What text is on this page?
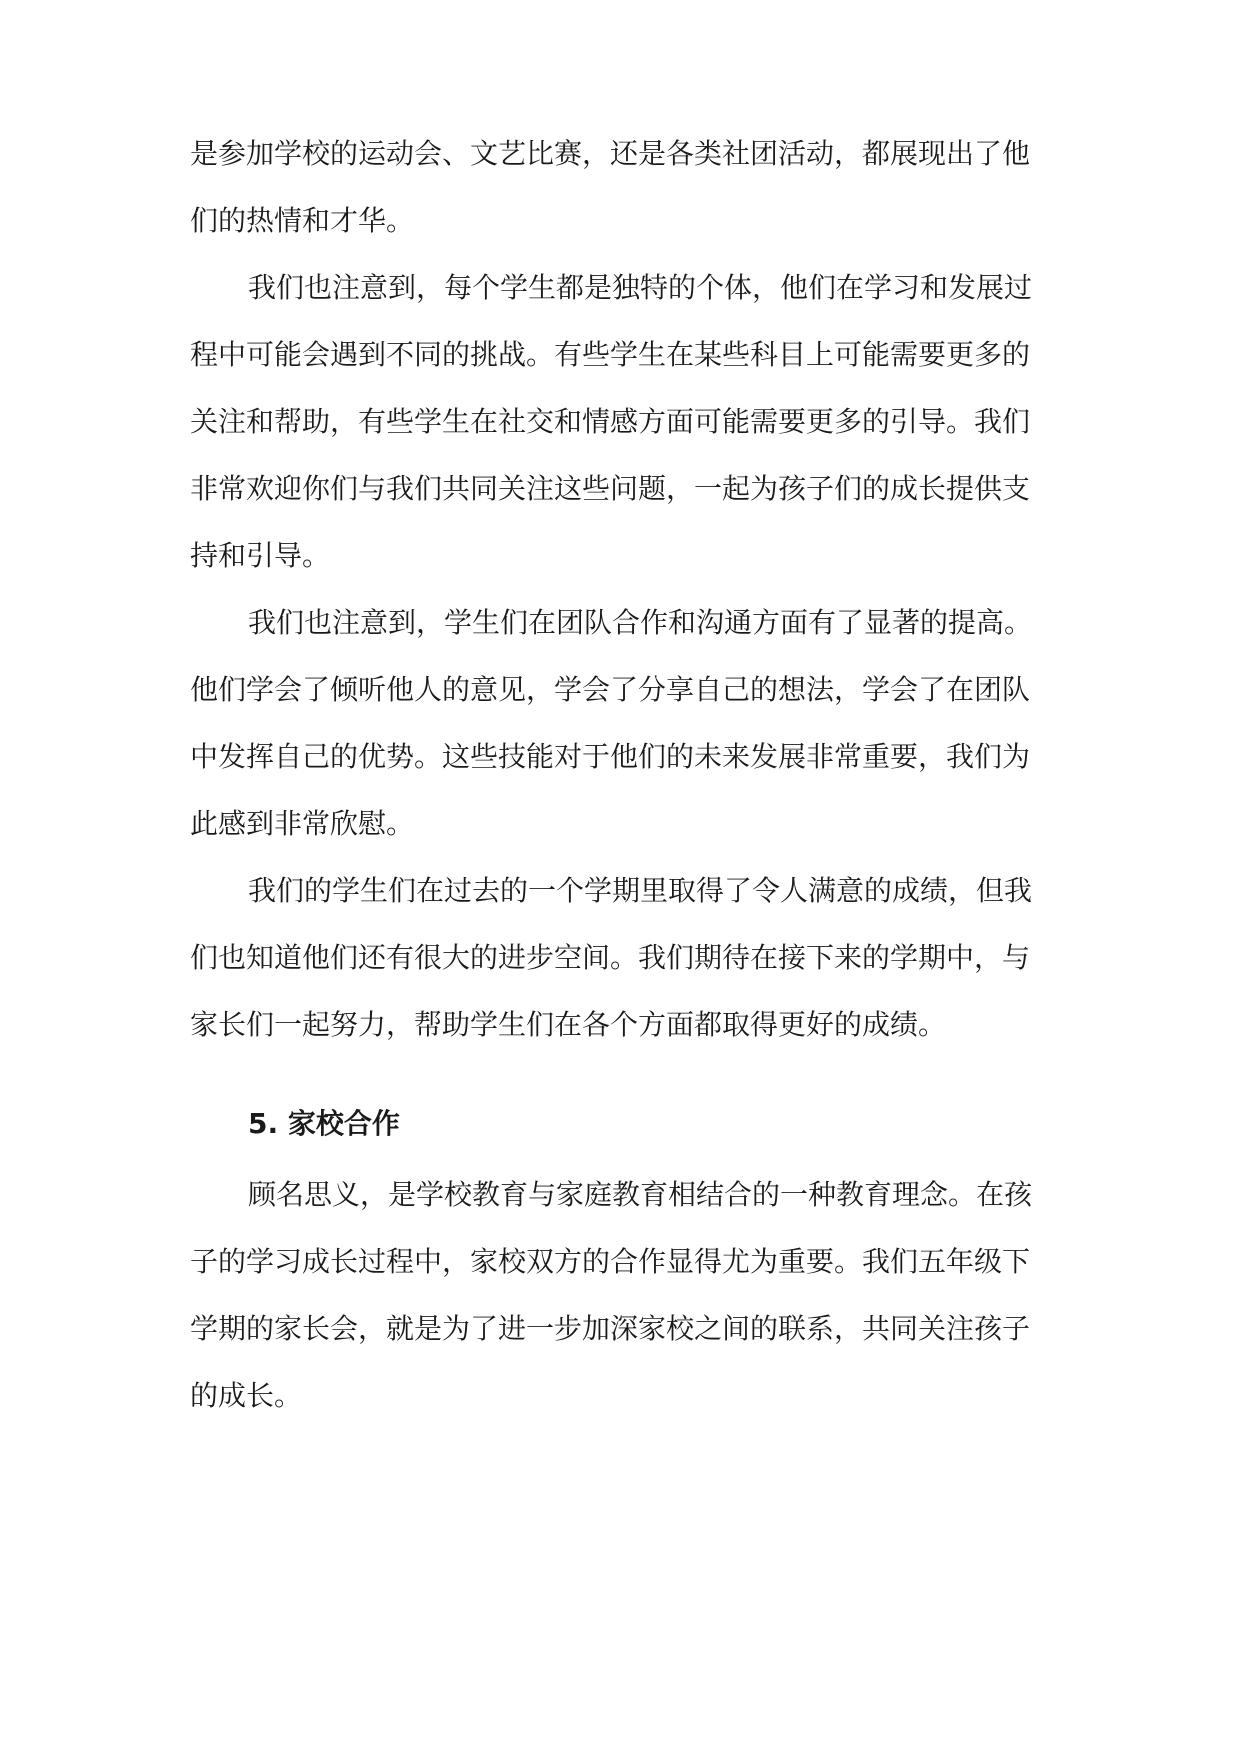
是参加学校的运动会、文艺比赛，还是各类社团活动，都展现出了他
们的热情和才华。
我们也注意到，每个学生都是独特的个体，他们在学习和发展过
程中可能会遇到不同的挑战。有些学生在某些科目上可能需要更多的
关注和帮助，有些学生在社交和情感方面可能需要更多的引导。我们
非常欢迎你们与我们共同关注这些问题，一起为孩子们的成长提供支
持和引导。
我们也注意到，学生们在团队合作和沟通方面有了显著的提高。
他们学会了倾听他人的意见，学会了分享自己的想法，学会了在团队
中发挥自己的优势。这些技能对于他们的未来发展非常重要，我们为
此感到非常欣慰。
我们的学生们在过去的一个学期里取得了令人满意的成绩，但我
们也知道他们还有很大的进步空间。我们期待在接下来的学期中，与
家长们一起努力，帮助学生们在各个方面都取得更好的成绩。
5. 家校合作
顾名思义，是学校教育与家庭教育相结合的一种教育理念。在孩
子的学习成长过程中，家校双方的合作显得尤为重要。我们五年级下
学期的家长会，就是为了进一步加深家校之间的联系，共同关注孩子
的成长。
